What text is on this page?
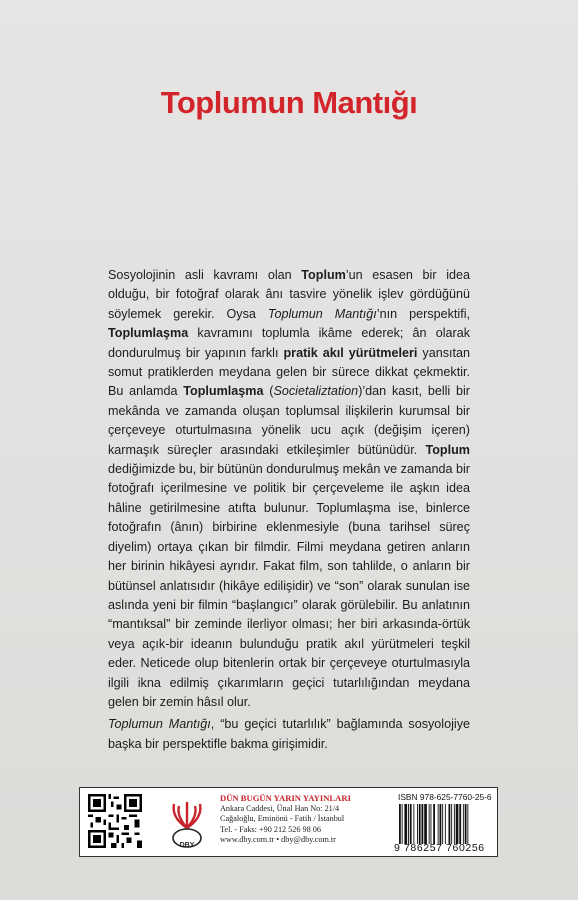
Toplumun Mantığı

Sosyolojinin asli kavramı olan Toplum’un esasen bir idea olduğu, bir fotoğraf olarak ânı tasvire yönelik işlev gördüğünü söylemek gerekir. Oysa Toplumun Mantığı’nın perspektifi, Toplumlaşma kavramını toplumla ikâme ederek; ân olarak dondurulmuş bir yapının farklı pratik akıl yürütmeleri yansıtan somut pratiklerden meydana gelen bir sürece dikkat çekmektir. Bu anlamda Toplumlaşma (Societaliztation)’dan kasıt, belli bir mekânda ve zamanda oluşan toplumsal ilişkilerin kurumsal bir çerçeveye oturtulmasına yönelik ucu açık (değişim içeren) karmaşık süreçler arasındaki etkileşimler bütünüdür. Toplum dediğimizde bu, bir bütünün dondurulmuş mekân ve zamanda bir fotoğrafı içerilmesine ve politik bir çerçeveleme ile aşkın idea hâline getirilmesine atıfta bulunur. Toplumlaşma ise, binlerce fotoğrafın (ânın) birbirine eklenmesiyle (buna tarihsel süreç diyelim) ortaya çıkan bir filmdir. Filmi meydana getiren anların her birinin hikâyesi ayrıdır. Fakat film, son tahlilde, o anların bir bütünsel anlatısıdır (hikâye edilişidir) ve “son” olarak sunulan ise aslında yeni bir filmin “başlangıcı” olarak görülebilir. Bu anlatının “mantıksal” bir zeminde ilerliyor olması; her biri arkasında-örtük veya açık-bir ideanın bulunduğu pratik akıl yürütmeleri teşkil eder. Neticede olup bitenlerin ortak bir çerçeveye oturtulmasıyla ilgili ikna edilmiş çıkarımların geçici tutarlılığından meydana gelen bir zemin hâsıl olur.

Toplumun Mantığı, “bu geçici tutarlılık” bağlamında sosyolojiye başka bir perspektifle bakma girişimidir.

DBY
DÜN BUGÜN YARIN YAYINLARI
Ankara Caddesi, Ünal Han No: 21/4
Cağaloğlu, Eminönü - Fatih / İstanbul
Tel. - Faks: +90 212 526 98 06
www.dby.com.tr • dby@dby.com.tr
ISBN 978-625-7760-25-6
9 786257 760256
